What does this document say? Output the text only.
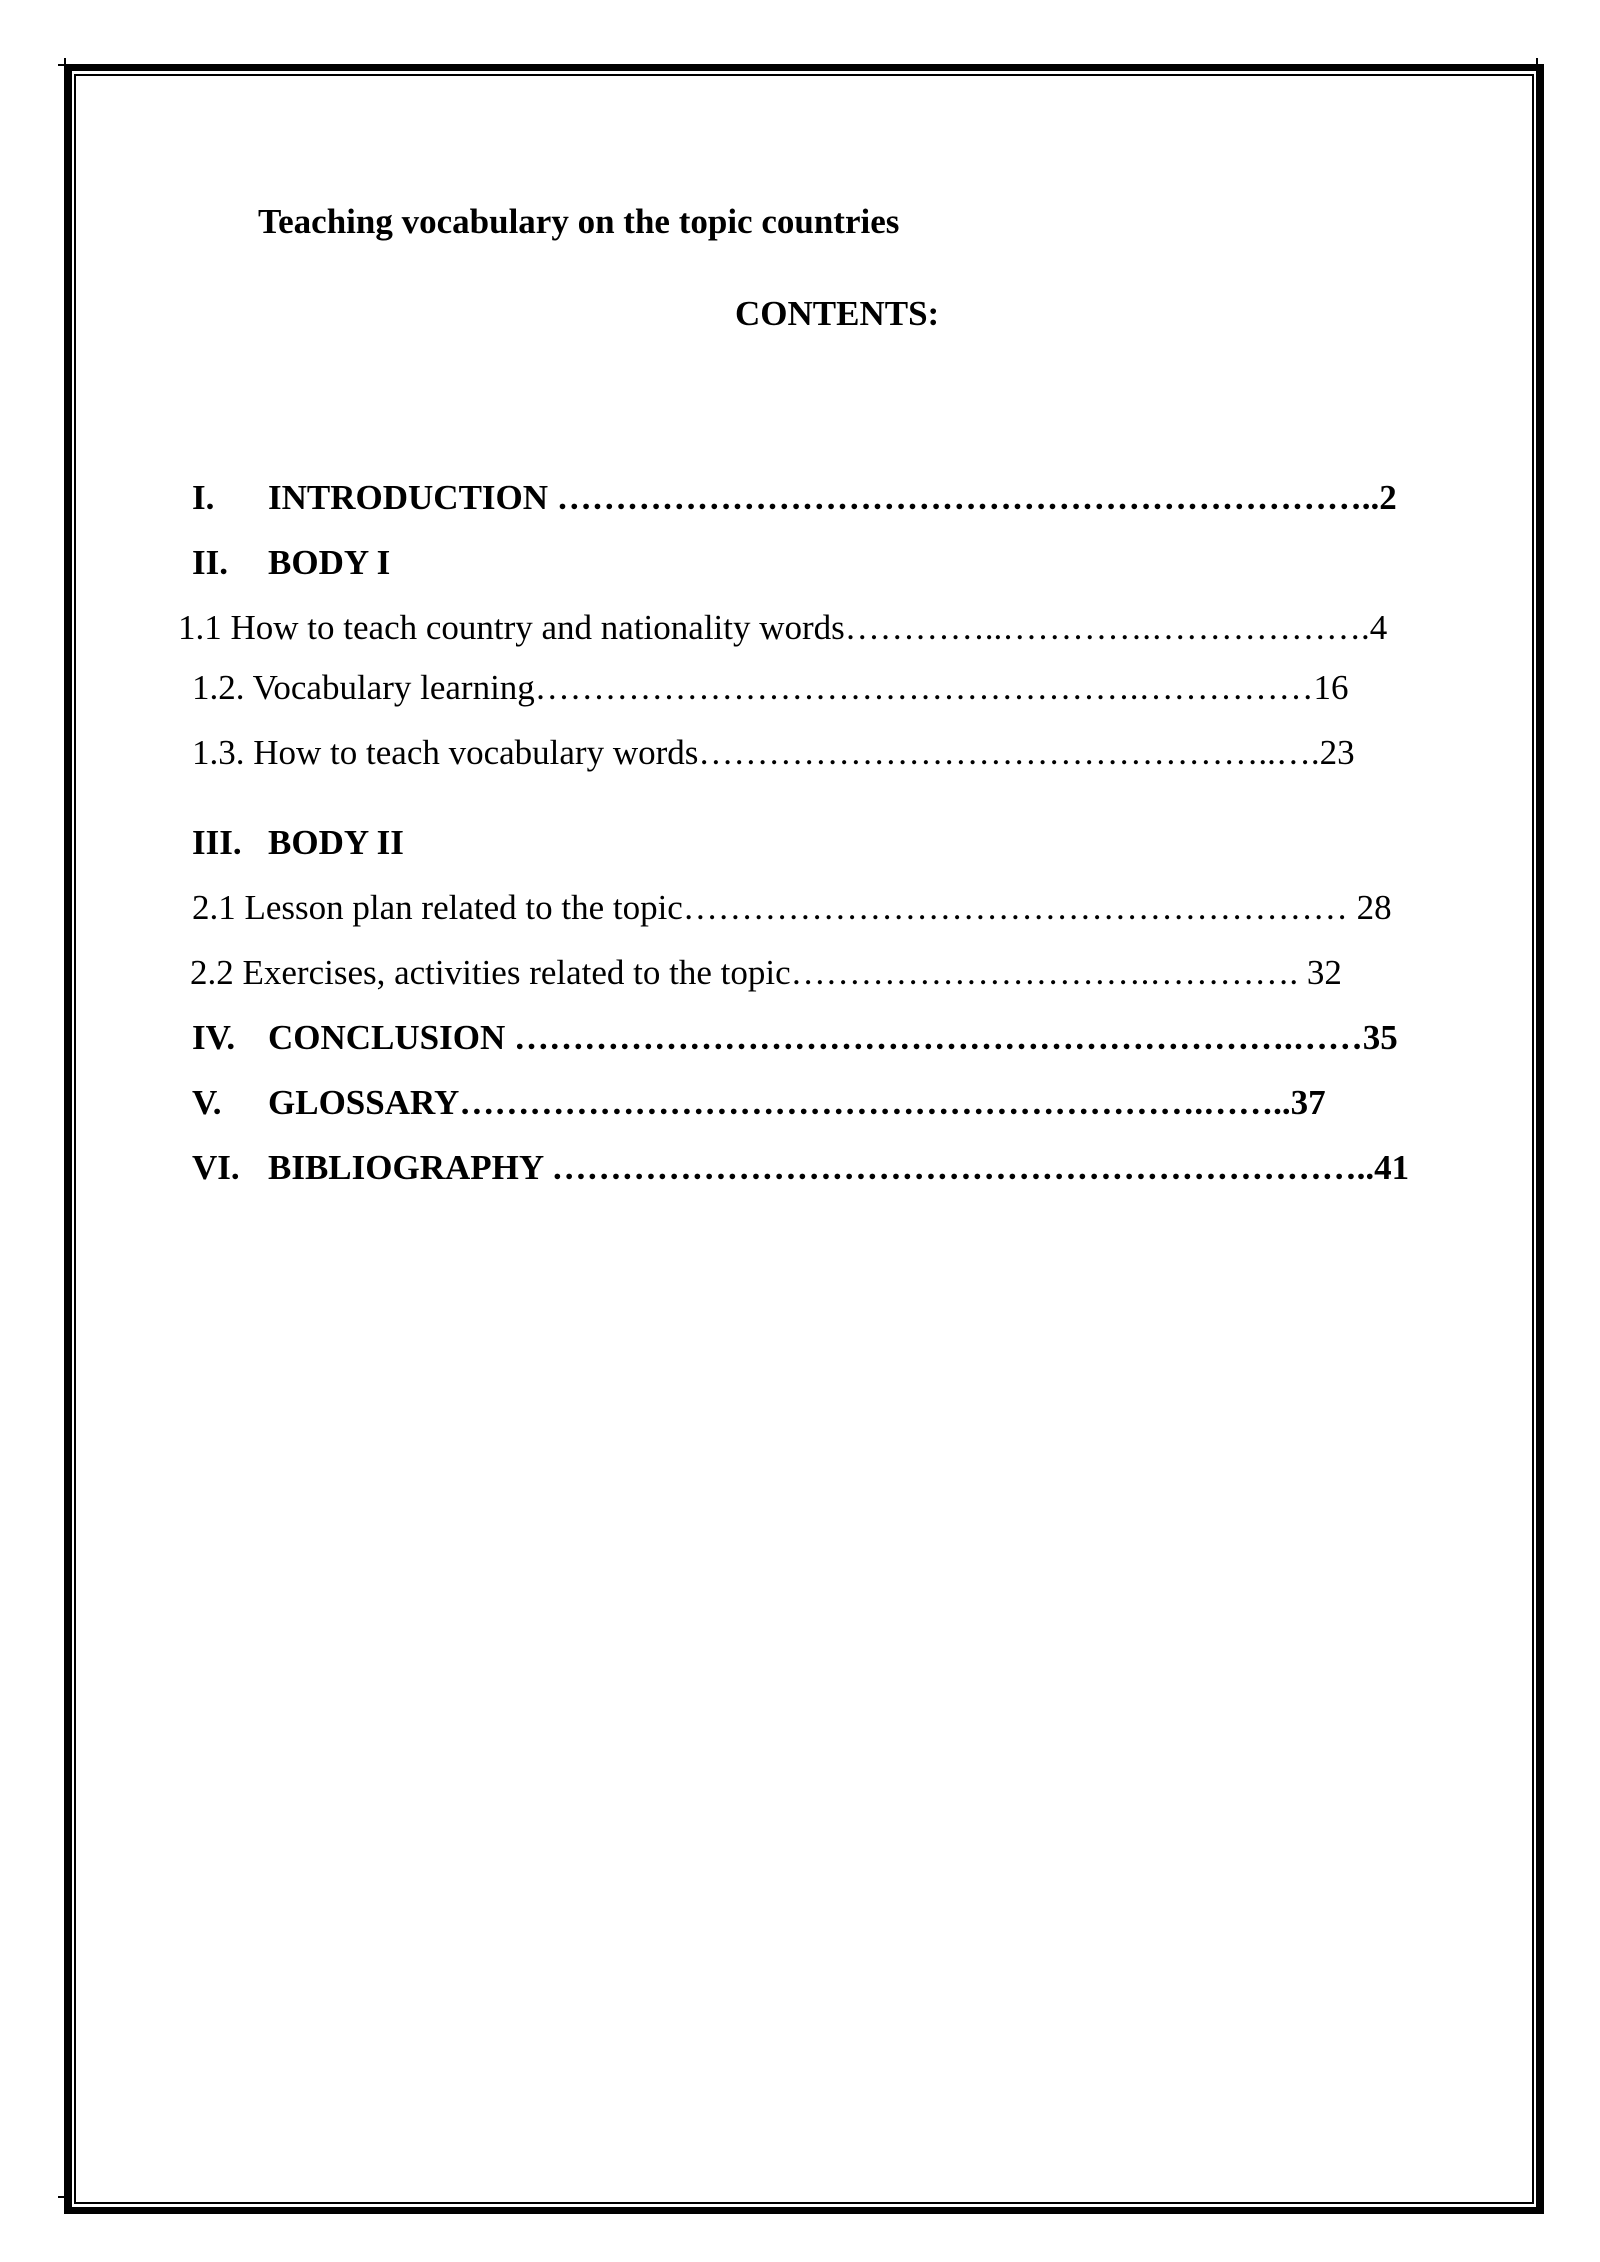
Teaching vocabulary on the topic countries
CONTENTS:
I. INTRODUCTION ……………………………………………………………..2
II. BODY I
1.1 How to teach country and nationality words…………..………….……………….4
1.2. Vocabulary learning…………………………………………….……………16
1.3. How to teach vocabulary words…………………………………………..….23
III. BODY II
2.1 Lesson plan related to the topic………………………………………………… 28
2.2 Exercises, activities related to the topic………………………….…………. 32
IV. CONCLUSION ………………………………………………………….……35
V. GLOSSARY……………………………………………………….……..37
VI. BIBLIOGRAPHY ……………………………………………………………..41
